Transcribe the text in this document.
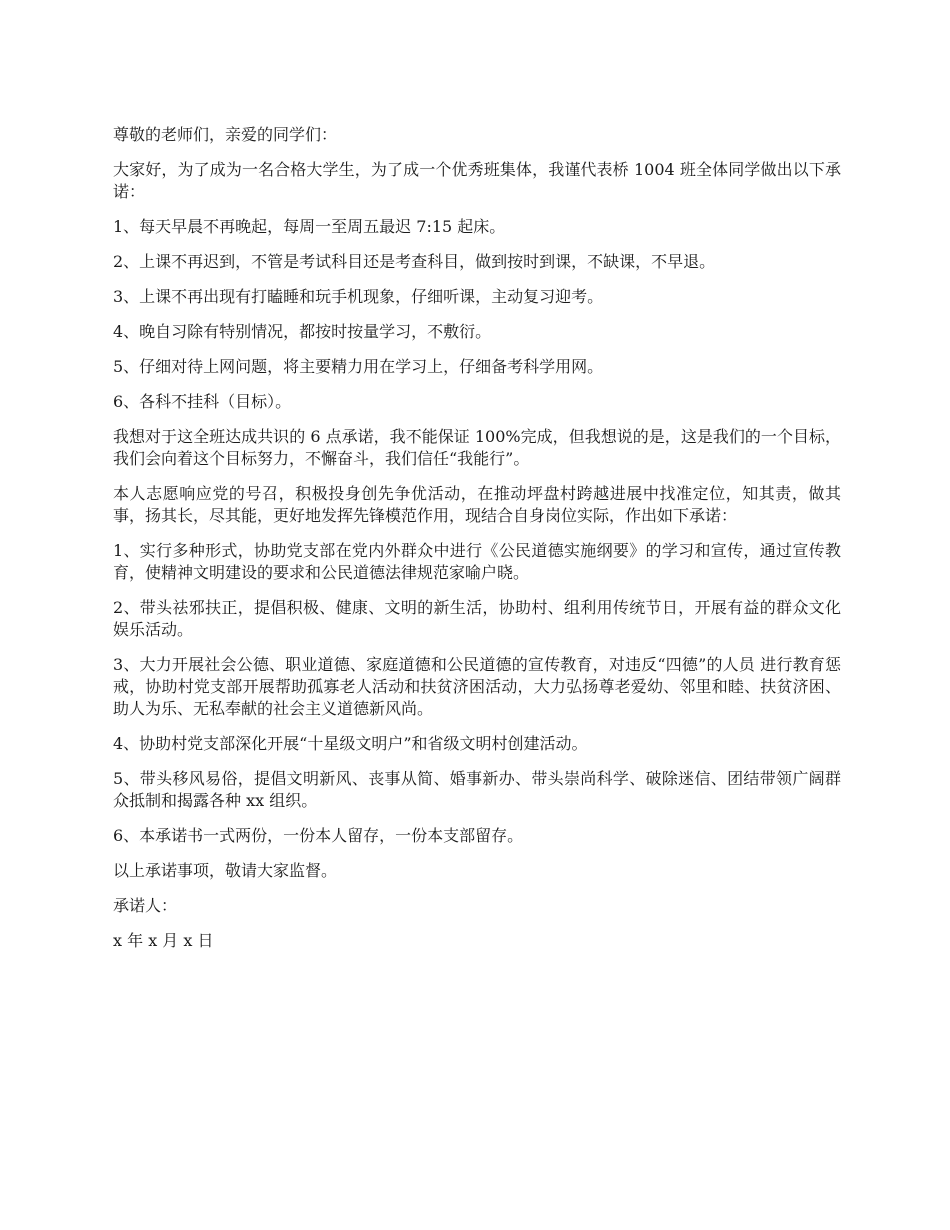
尊敬的老师们，亲爱的同学们：

大家好，为了成为一名合格大学生，为了成一个优秀班集体，我谨代表桥 1004 班全体同学做出以下承诺：

1、每天早晨不再晚起，每周一至周五最迟 7:15 起床。

2、上课不再迟到，不管是考试科目还是考查科目，做到按时到课，不缺课，不早退。

3、上课不再出现有打瞌睡和玩手机现象，仔细听课，主动复习迎考。

4、晚自习除有特别情况，都按时按量学习，不敷衍。

5、仔细对待上网问题，将主要精力用在学习上，仔细备考科学用网。

6、各科不挂科（目标）。

我想对于这全班达成共识的 6 点承诺，我不能保证 100%完成，但我想说的是，这是我们的一个目标，我们会向着这个目标努力，不懈奋斗，我们信任“我能行”。

本人志愿响应党的号召，积极投身创先争优活动，在推动坪盘村跨越进展中找准定位，知其责，做其事，扬其长，尽其能，更好地发挥先锋模范作用，现结合自身岗位实际，作出如下承诺：

1、实行多种形式，协助党支部在党内外群众中进行《公民道德实施纲要》的学习和宣传，通过宣传教育，使精神文明建设的要求和公民道德法律规范家喻户晓。

2、带头祛邪扶正，提倡积极、健康、文明的新生活，协助村、组利用传统节日，开展有益的群众文化娱乐活动。

3、大力开展社会公德、职业道德、家庭道德和公民道德的宣传教育，对违反“四德”的人员 进行教育惩戒，协助村党支部开展帮助孤寡老人活动和扶贫济困活动，大力弘扬尊老爱幼、邻里和睦、扶贫济困、助人为乐、无私奉献的社会主义道德新风尚。

4、协助村党支部深化开展“十星级文明户”和省级文明村创建活动。

5、带头移风易俗，提倡文明新风、丧事从简、婚事新办、带头崇尚科学、破除迷信、团结带领广阔群众抵制和揭露各种 xx 组织。

6、本承诺书一式两份，一份本人留存，一份本支部留存。

以上承诺事项，敬请大家监督。

承诺人：

x 年 x 月 x 日
